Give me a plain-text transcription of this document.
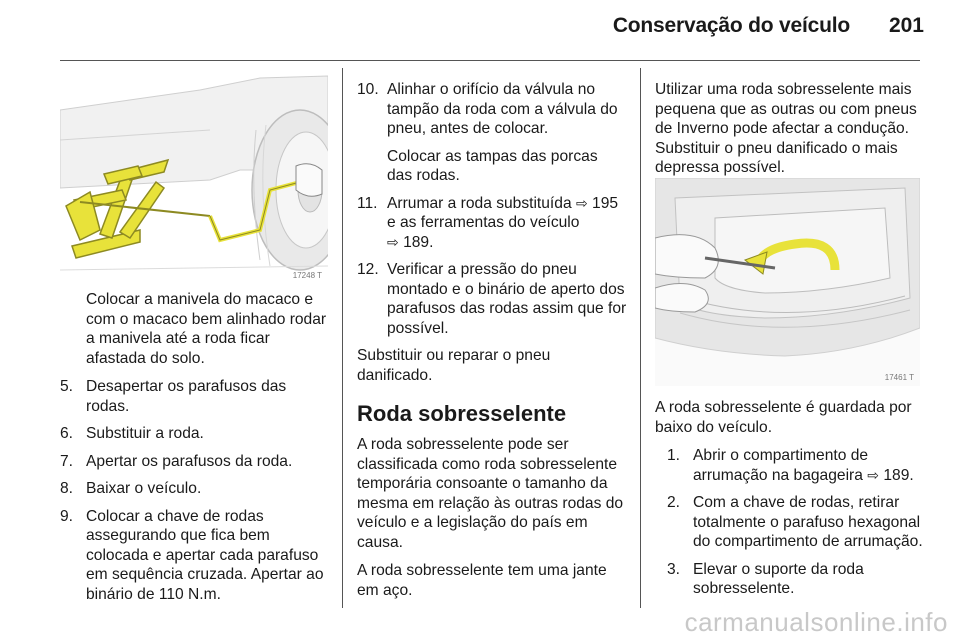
Conservação do veículo 201
17248 T

Colocar a manivela do macaco e com o macaco bem alinhado rodar a manivela até a roda ficar afastada do solo.

5. Desapertar os parafusos das rodas.
6. Substituir a roda.
7. Apertar os parafusos da roda.
8. Baixar o veículo.
9. Colocar a chave de rodas assegurando que fica bem colocada e apertar cada parafuso em sequência cruzada. Apertar ao binário de 110 N.m.
10. Alinhar o orifício da válvula no tampão da roda com a válvula do pneu, antes de colocar.
Colocar as tampas das porcas das rodas.
11. Arrumar a roda substituída ⇨ 195 e as ferramentas do veículo
⇨ 189.
12. Verificar a pressão do pneu montado e o binário de aperto dos parafusos das rodas assim que for possível.

Substituir ou reparar o pneu danificado.

Roda sobresselente

A roda sobresselente pode ser classificada como roda sobresselente temporária consoante o tamanho da mesma em relação às outras rodas do veículo e a legislação do país em causa.

A roda sobresselente tem uma jante em aço.

Utilizar uma roda sobresselente mais pequena que as outras ou com pneus de Inverno pode afectar a condução. Substituir o pneu danificado o mais depressa possível.

17461 T

A roda sobresselente é guardada por baixo do veículo.

1. Abrir o compartimento de arrumação na bagageira ⇨ 189.
2. Com a chave de rodas, retirar totalmente o parafuso hexagonal do compartimento de arrumação.
3. Elevar o suporte da roda sobresselente.
carmanualsonline.info
